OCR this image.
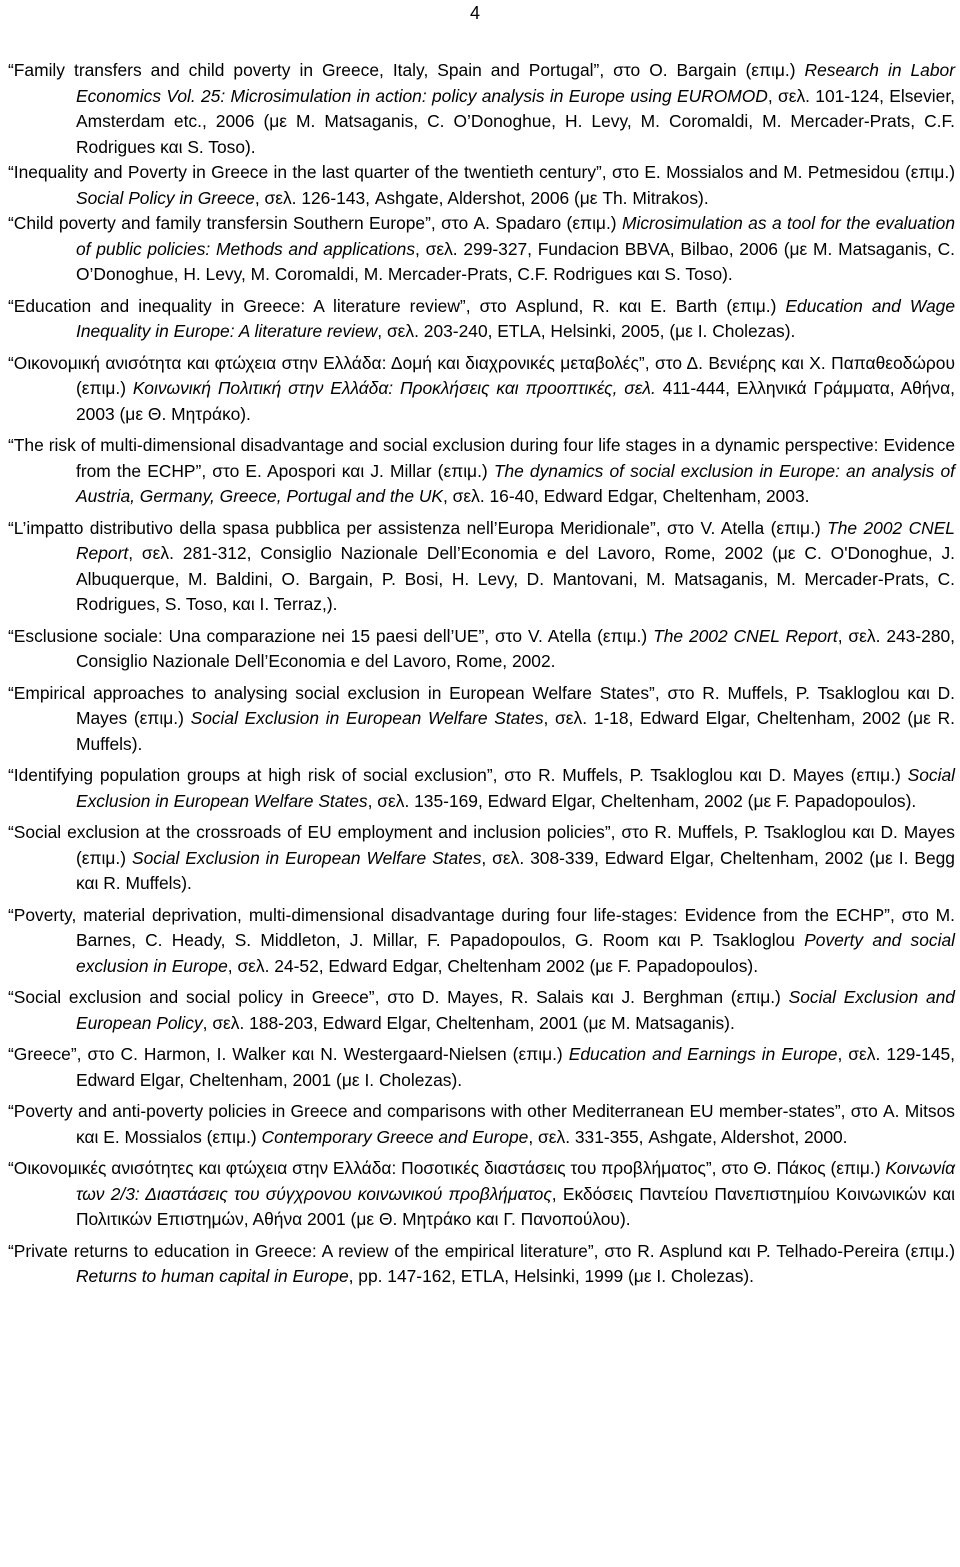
4

“Family transfers and child poverty in Greece, Italy, Spain and Portugal”, στο O. Bargain (επιμ.) Research in Labor Economics Vol. 25: Microsimulation in action: policy analysis in Europe using EUROMOD, σελ. 101-124, Elsevier, Amsterdam etc., 2006 (με M. Matsaganis, C. O’Donoghue, H. Levy, M. Coromaldi, M. Mercader-Prats, C.F. Rodrigues και S. Toso).

“Inequality and Poverty in Greece in the last quarter of the twentieth century”, στο E. Mossialos and M. Petmesidou (επιμ.) Social Policy in Greece, σελ. 126-143, Ashgate, Aldershot, 2006 (με Th. Mitrakos).

“Child poverty and family transfersin Southern Europe”, στο A. Spadaro (επιμ.) Microsimulation as a tool for the evaluation of public policies: Methods and applications, σελ. 299-327, Fundacion BBVA, Bilbao, 2006 (με M. Matsaganis, C. O’Donoghue, H. Levy, M. Coromaldi, M. Mercader-Prats, C.F. Rodrigues και S. Toso).

“Education and inequality in Greece: A literature review”, στο Asplund, R. και E. Barth (επιμ.) Education and Wage Inequality in Europe: A literature review, σελ. 203-240, ETLA, Helsinki, 2005, (με I. Cholezas).

“Οικονομική ανισότητα και φτώχεια στην Ελλάδα: Δομή και διαχρονικές μεταβολές”, στο Δ. Βενιέρης και Χ. Παπαθεοδώρου (επιμ.) Κοινωνική Πολιτική στην Ελλάδα: Προκλήσεις και προοπτικές, σελ. 411-444, Ελληνικά Γράμματα, Αθήνα, 2003 (με Θ. Μητράκο).

“The risk of multi-dimensional disadvantage and social exclusion during four life stages in a dynamic perspective: Evidence from the ECHP”, στο E. Apospori και J. Millar (επιμ.) The dynamics of social exclusion in Europe: an analysis of Austria, Germany, Greece, Portugal and the UK, σελ. 16-40, Edward Edgar, Cheltenham, 2003.

“L’impatto distributivo della spasa pubblica per assistenza nell’Europa Meridionale”, στο V. Atella (επιμ.) The 2002 CNEL Report, σελ. 281-312, Consiglio Nazionale Dell’Economia e del Lavoro, Rome, 2002 (με C. O'Donoghue, J. Albuquerque, M. Baldini, O. Bargain, P. Bosi, H. Levy, D. Mantovani, M. Matsaganis, M. Mercader-Prats, C. Rodrigues, S. Toso, και I. Terraz,).

“Esclusione sociale: Una comparazione nei 15 paesi dell’UE”, στο V. Atella (επιμ.) The 2002 CNEL Report, σελ. 243-280, Consiglio Nazionale Dell’Economia e del Lavoro, Rome, 2002.

“Empirical approaches to analysing social exclusion in European Welfare States”, στο R. Muffels, P. Tsakloglou και D. Mayes (επιμ.) Social Exclusion in European Welfare States, σελ. 1-18, Edward Elgar, Cheltenham, 2002 (με R. Muffels).

“Identifying population groups at high risk of social exclusion”, στο R. Muffels, P. Tsakloglou και D. Mayes (επιμ.) Social Exclusion in European Welfare States, σελ. 135-169, Edward Elgar, Cheltenham, 2002 (με F. Papadopoulos).

“Social exclusion at the crossroads of EU employment and inclusion policies”, στο R. Muffels, P. Tsakloglou και D. Mayes (επιμ.) Social Exclusion in European Welfare States, σελ. 308-339, Edward Elgar, Cheltenham, 2002 (με I. Begg και R. Muffels).

“Poverty, material deprivation, multi-dimensional disadvantage during four life-stages: Evidence from the ECHP”, στο M. Barnes, C. Heady, S. Middleton, J. Millar, F. Papadopoulos, G. Room και P. Tsakloglou Poverty and social exclusion in Europe, σελ. 24-52, Edward Edgar, Cheltenham 2002 (με F. Papadopoulos).

“Social exclusion and social policy in Greece”, στο D. Mayes, R. Salais και J. Berghman (επιμ.) Social Exclusion and European Policy, σελ. 188-203, Edward Elgar, Cheltenham, 2001 (με M. Matsaganis).

“Greece”, στο C. Harmon, I. Walker και N. Westergaard-Nielsen (επιμ.) Education and Earnings in Europe, σελ. 129-145, Edward Elgar, Cheltenham, 2001 (με I. Cholezas).

“Poverty and anti-poverty policies in Greece and comparisons with other Mediterranean EU member-states”, στο A. Mitsos και E. Mossialos (επιμ.) Contemporary Greece and Europe, σελ. 331-355, Ashgate, Aldershot, 2000.

“Οικονομικές ανισότητες και φτώχεια στην Ελλάδα: Ποσοτικές διαστάσεις του προβλήματος”, στο Θ. Πάκος (επιμ.) Κοινωνία των 2/3: Διαστάσεις του σύγχρονου κοινωνικού προβλήματος, Εκδόσεις Παντείου Πανεπιστημίου Κοινωνικών και Πολιτικών Επιστημών, Αθήνα 2001 (με Θ. Μητράκο και Γ. Πανοπούλου).

“Private returns to education in Greece: A review of the empirical literature”, στο R. Asplund και P. Telhado-Pereira (επιμ.) Returns to human capital in Europe, pp. 147-162, ETLA, Helsinki, 1999 (με I. Cholezas).
